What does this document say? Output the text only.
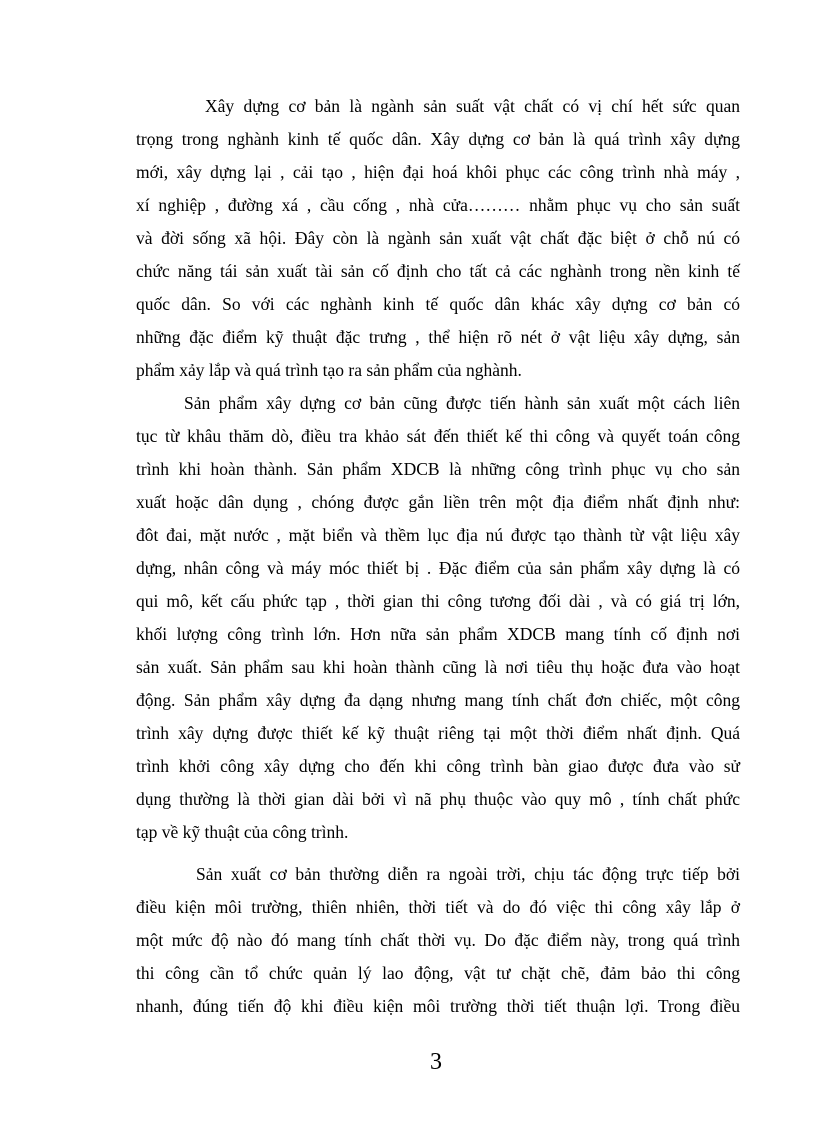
Xây dựng cơ bản là ngành sản suất vật chất có vị chí hết sức quan
trọng trong nghành kinh tế quốc dân. Xây dựng cơ bản là quá trình xây dựng
mới, xây dựng lại , cải tạo , hiện đại hoá khôi phục các công trình nhà máy ,
xí nghiệp , đường xá , cầu cống , nhà cửa……… nhằm phục vụ cho sản suất
và đời sống xã hội. Đây còn là ngành sản xuất vật chất đặc biệt ở chỗ nú có
chức năng tái sản xuất tài sản cố định cho tất cả các nghành trong nền kinh tế
quốc dân. So với các nghành kinh tế quốc dân khác xây dựng cơ bản có
những đặc điểm kỹ thuật đặc trưng , thể hiện rõ nét ở vật liệu xây dựng, sản
phẩm xảy lắp và quá trình tạo ra sản phẩm của nghành.
Sản phẩm xây dựng cơ bản cũng được tiến hành sản xuất một cách liên
tục từ khâu thăm dò, điều tra khảo sát đến thiết kế thi công và quyết toán công
trình khi hoàn thành. Sản phẩm XDCB là những công trình phục vụ cho sản
xuất hoặc dân dụng , chóng được gắn liền trên một địa điểm nhất định như:
đôt đai, mặt nước , mặt biển và thềm lục địa nú được tạo thành từ vật liệu xây
dựng, nhân công và máy móc thiết bị . Đặc điểm của sản phẩm xây dựng là có
qui mô, kết cấu phức tạp , thời gian thi công tương đối dài , và có giá trị lớn,
khối lượng công trình lớn. Hơn nữa sản phẩm XDCB mang tính cố định nơi
sản xuất. Sản phẩm sau khi hoàn thành cũng là nơi tiêu thụ hoặc đưa vào hoạt
động. Sản phẩm xây dựng đa dạng nhưng mang tính chất đơn chiếc, một công
trình xây dựng được thiết kế kỹ thuật riêng tại một thời điểm nhất định. Quá
trình khởi công xây dựng cho đến khi công trình bàn giao được đưa vào sử
dụng thường là thời gian dài bởi vì nã phụ thuộc vào quy mô , tính chất phức
tạp về kỹ thuật của công trình.
Sản xuất cơ bản thường diễn ra ngoài trời, chịu tác động trực tiếp bởi
điều kiện môi trường, thiên nhiên, thời tiết và do đó việc thi công xây lắp ở
một mức độ nào đó mang tính chất thời vụ. Do đặc điểm này, trong quá trình
thi công cần tổ chức quản lý lao động, vật tư chặt chẽ, đảm bảo thi công
nhanh, đúng tiến độ khi điều kiện môi trường thời tiết thuận lợi. Trong điều
3
